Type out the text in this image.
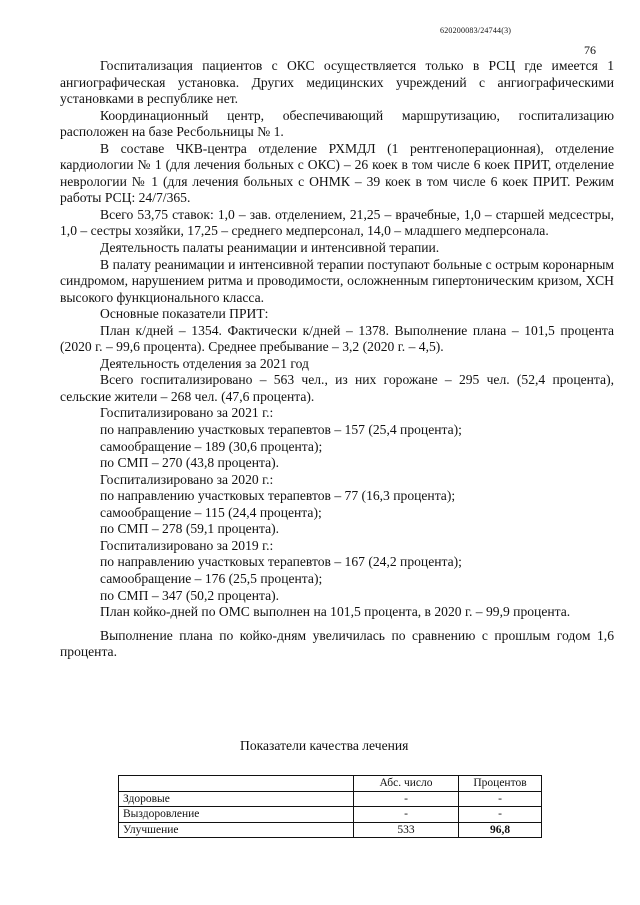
620200083/24744(3)
76

Госпитализация пациентов с ОКС осуществляется только в РСЦ где имеется 1 ангиографическая установка. Других медицинских учреждений с ангиографическими установками в республике нет.

Координационный центр, обеспечивающий маршрутизацию, госпитализацию расположен на базе Ресбольницы № 1.

В составе ЧКВ-центра отделение РХМДЛ (1 рентгеноперационная), отделение кардиологии № 1 (для лечения больных с ОКС) – 26 коек в том числе 6 коек ПРИТ, отделение неврологии № 1 (для лечения больных с ОНМК – 39 коек в том числе 6 коек ПРИТ. Режим работы РСЦ: 24/7/365.

Всего 53,75 ставок: 1,0 – зав. отделением, 21,25 – врачебные, 1,0 – старшей медсестры, 1,0 – сестры хозяйки, 17,25 – среднего медперсонал, 14,0 – младшего медперсонала.

Деятельность палаты реанимации и интенсивной терапии.

В палату реанимации и интенсивной терапии поступают больные с острым коронарным синдромом, нарушением ритма и проводимости, осложненным гипертоническим кризом, ХСН высокого функционального класса.

Основные показатели ПРИТ:

План к/дней – 1354. Фактически к/дней – 1378. Выполнение плана – 101,5 процента (2020 г. – 99,6 процента). Среднее пребывание – 3,2 (2020 г. – 4,5).

Деятельность отделения за 2021 год

Всего госпитализировано – 563 чел., из них горожане – 295 чел. (52,4 процента), сельские жители – 268 чел. (47,6 процента).

Госпитализировано за 2021 г.:

по направлению участковых терапевтов – 157 (25,4 процента);

самообращение – 189 (30,6 процента);

по СМП – 270 (43,8 процента).

Госпитализировано за 2020 г.:

по направлению участковых терапевтов – 77 (16,3 процента);

самообращение – 115 (24,4 процента);

по СМП – 278 (59,1 процента).

Госпитализировано за 2019 г.:

по направлению участковых терапевтов – 167 (24,2 процента);

самообращение – 176 (25,5 процента);

по СМП – 347 (50,2 процента).

План койко-дней по ОМС выполнен на 101,5 процента, в 2020 г. – 99,9 процента.

Выполнение плана по койко-дням увеличилась по сравнению с прошлым годом 1,6 процента.

Показатели качества лечения
	Абс. число	Процентов
Здоровые	-	-
Выздоровление	-	-
Улучшение	533	96,8
